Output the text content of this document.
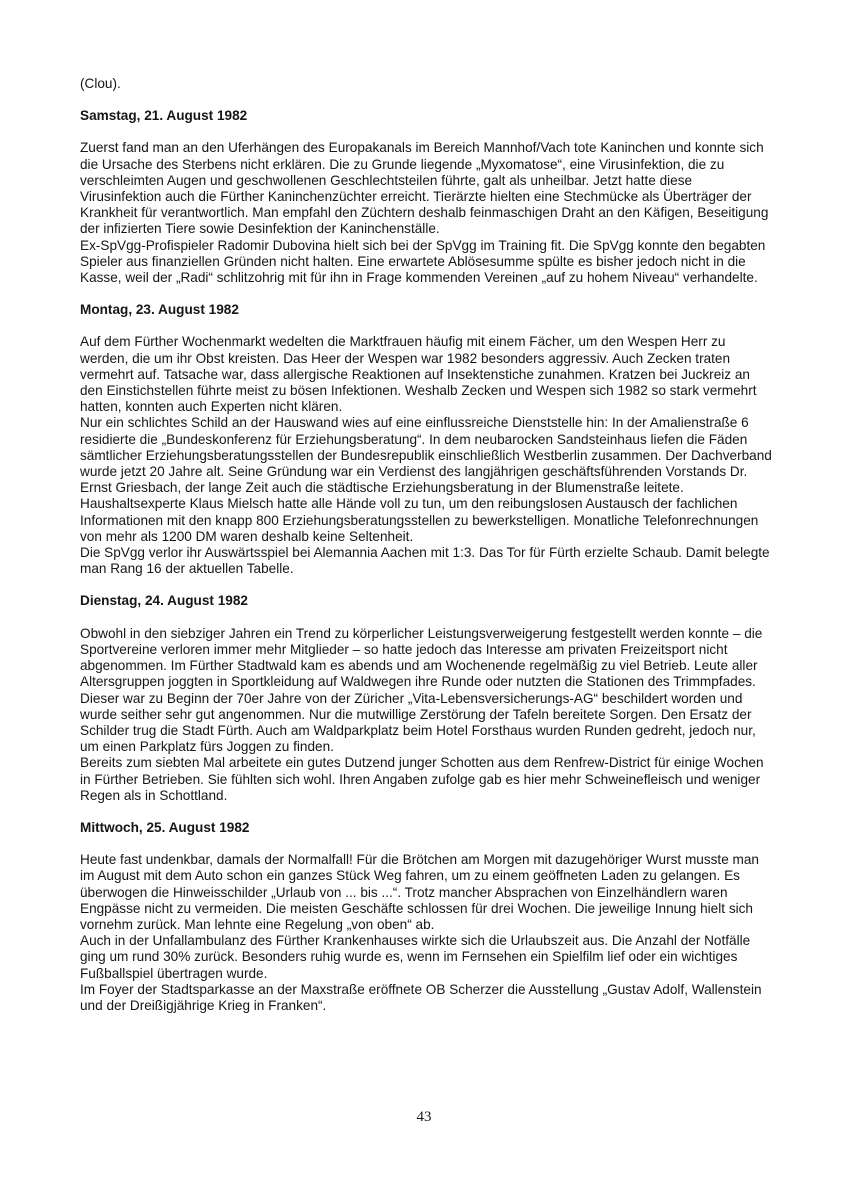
(Clou).

Samstag, 21. August 1982

Zuerst fand man an den Uferhängen des Europakanals im Bereich Mannhof/Vach tote Kaninchen und konnte sich die Ursache des Sterbens nicht erklären. Die zu Grunde liegende „Myxomatose“, eine Virusinfektion, die zu verschleimten Augen und geschwollenen Geschlechtsteilen führte, galt als unheilbar. Jetzt hatte diese Virusinfektion auch die Fürther Kaninchenzüchter erreicht. Tierärzte hielten eine Stechmücke als Überträger der Krankheit für verantwortlich. Man empfahl den Züchtern deshalb feinmaschigen Draht an den Käfigen, Beseitigung der infizierten Tiere sowie Desinfektion der Kaninchenställe.

Ex-SpVgg-Profispieler Radomir Dubovina hielt sich bei der SpVgg im Training fit. Die SpVgg konnte den begabten Spieler aus finanziellen Gründen nicht halten. Eine erwartete Ablösesumme spülte es bisher jedoch nicht in die Kasse, weil der „Radi“ schlitzohrig mit für ihn in Frage kommenden Vereinen „auf zu hohem Niveau“ verhandelte.

Montag, 23. August 1982

Auf dem Fürther Wochenmarkt wedelten die Marktfrauen häufig mit einem Fächer, um den Wespen Herr zu werden, die um ihr Obst kreisten. Das Heer der Wespen war 1982 besonders aggressiv. Auch Zecken traten vermehrt auf. Tatsache war, dass allergische Reaktionen auf Insektenstiche zunahmen. Kratzen bei Juckreiz an den Einstichstellen führte meist zu bösen Infektionen. Weshalb Zecken und Wespen sich 1982 so stark vermehrt hatten, konnten auch Experten nicht klären.

Nur ein schlichtes Schild an der Hauswand wies auf eine einflussreiche Dienststelle hin: In der Amalienstraße 6 residierte die „Bundeskonferenz für Erziehungsberatung“. In dem neubarocken Sandsteinhaus liefen die Fäden sämtlicher Erziehungsberatungsstellen der Bundesrepublik einschließlich Westberlin zusammen. Der Dachverband wurde jetzt 20 Jahre alt. Seine Gründung war ein Verdienst des langjährigen geschäftsführenden Vorstands Dr. Ernst Griesbach, der lange Zeit auch die städtische Erziehungsberatung in der Blumenstraße leitete. Haushaltsexperte Klaus Mielsch hatte alle Hände voll zu tun, um den reibungslosen Austausch der fachlichen Informationen mit den knapp 800 Erziehungsberatungsstellen zu bewerkstelligen. Monatliche Telefonrechnungen von mehr als 1200 DM waren deshalb keine Seltenheit.

Die SpVgg verlor ihr Auswärtsspiel bei Alemannia Aachen mit 1:3. Das Tor für Fürth erzielte Schaub. Damit belegte man Rang 16 der aktuellen Tabelle.

Dienstag, 24. August 1982

Obwohl in den siebziger Jahren ein Trend zu körperlicher Leistungsverweigerung festgestellt werden konnte – die Sportvereine verloren immer mehr Mitglieder – so hatte jedoch das Interesse am privaten Freizeitsport nicht abgenommen. Im Fürther Stadtwald kam es abends und am Wochenende regelmäßig zu viel Betrieb. Leute aller Altersgruppen joggten in Sportkleidung auf Waldwegen ihre Runde oder nutzten die Stationen des Trimmpfades. Dieser war zu Beginn der 70er Jahre von der Züricher „Vita-Lebensversicherungs-AG“ beschildert worden und wurde seither sehr gut angenommen. Nur die mutwillige Zerstörung der Tafeln bereitete Sorgen. Den Ersatz der Schilder trug die Stadt Fürth. Auch am Waldparkplatz beim Hotel Forsthaus wurden Runden gedreht, jedoch nur, um einen Parkplatz fürs Joggen zu finden.

Bereits zum siebten Mal arbeitete ein gutes Dutzend junger Schotten aus dem Renfrew-District für einige Wochen in Fürther Betrieben. Sie fühlten sich wohl. Ihren Angaben zufolge gab es hier mehr Schweinefleisch und weniger Regen als in Schottland.

Mittwoch, 25. August 1982

Heute fast undenkbar, damals der Normalfall! Für die Brötchen am Morgen mit dazugehöriger Wurst musste man im August mit dem Auto schon ein ganzes Stück Weg fahren, um zu einem geöffneten Laden zu gelangen. Es überwogen die Hinweisschilder „Urlaub von ... bis ...“. Trotz mancher Absprachen von Einzelhändlern waren Engpässe nicht zu vermeiden. Die meisten Geschäfte schlossen für drei Wochen. Die jeweilige Innung hielt sich vornehm zurück. Man lehnte eine Regelung „von oben“ ab.

Auch in der Unfallambulanz des Fürther Krankenhauses wirkte sich die Urlaubszeit aus. Die Anzahl der Notfälle ging um rund 30% zurück. Besonders ruhig wurde es, wenn im Fernsehen ein Spielfilm lief oder ein wichtiges Fußballspiel übertragen wurde.

Im Foyer der Stadtsparkasse an der Maxstraße eröffnete OB Scherzer die Ausstellung „Gustav Adolf, Wallenstein und der Dreißigjährige Krieg in Franken“.

43
